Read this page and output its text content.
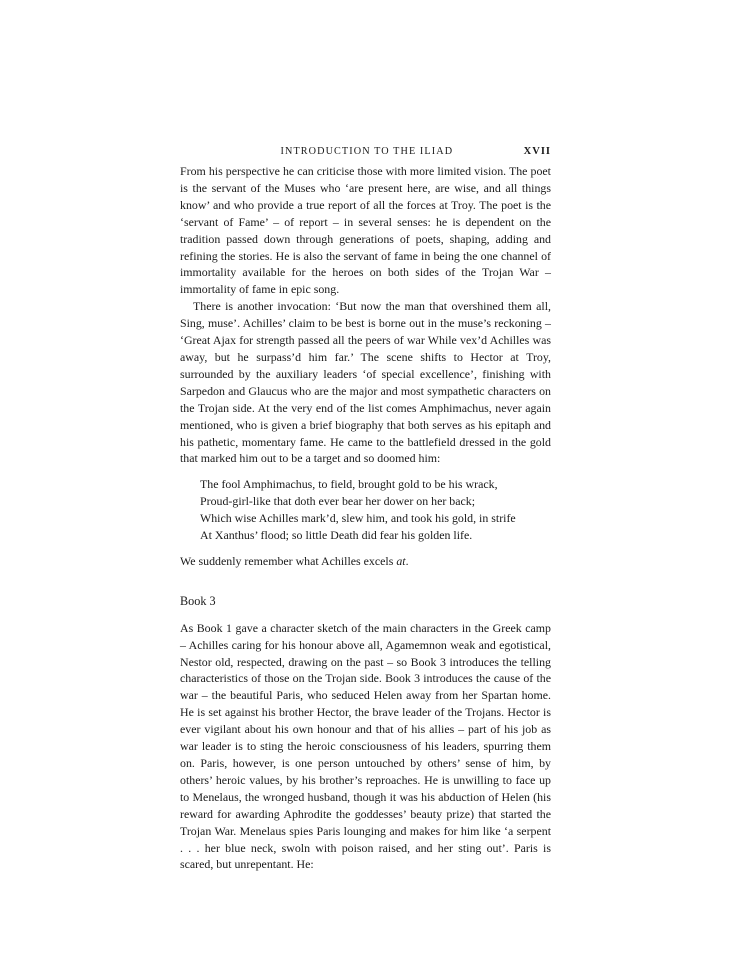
INTRODUCTION TO THE ILIAD	XVII

From his perspective he can criticise those with more limited vision. The poet is the servant of the Muses who ‘are present here, are wise, and all things know’ and who provide a true report of all the forces at Troy. The poet is the ‘servant of Fame’ – of report – in several senses: he is dependent on the tradition passed down through generations of poets, shaping, adding and refining the stories. He is also the servant of fame in being the one channel of immortality available for the heroes on both sides of the Trojan War – immortality of fame in epic song.

There is another invocation: ‘But now the man that overshined them all, Sing, muse’. Achilles’ claim to be best is borne out in the muse’s reckoning – ‘Great Ajax for strength passed all the peers of war While vex’d Achilles was away, but he surpass’d him far.’ The scene shifts to Hector at Troy, surrounded by the auxiliary leaders ‘of special excellence’, finishing with Sarpedon and Glaucus who are the major and most sympathetic characters on the Trojan side. At the very end of the list comes Amphimachus, never again mentioned, who is given a brief biography that both serves as his epitaph and his pathetic, momentary fame. He came to the battlefield dressed in the gold that marked him out to be a target and so doomed him:

The fool Amphimachus, to field, brought gold to be his wrack,
Proud-girl-like that doth ever bear her dower on her back;
Which wise Achilles mark’d, slew him, and took his gold, in strife
At Xanthus’ flood; so little Death did fear his golden life.

We suddenly remember what Achilles excels at.

Book 3

As Book 1 gave a character sketch of the main characters in the Greek camp – Achilles caring for his honour above all, Agamemnon weak and egotistical, Nestor old, respected, drawing on the past – so Book 3 introduces the telling characteristics of those on the Trojan side. Book 3 introduces the cause of the war – the beautiful Paris, who seduced Helen away from her Spartan home. He is set against his brother Hector, the brave leader of the Trojans. Hector is ever vigilant about his own honour and that of his allies – part of his job as war leader is to sting the heroic consciousness of his leaders, spurring them on. Paris, however, is one person untouched by others’ sense of him, by others’ heroic values, by his brother’s reproaches. He is unwilling to face up to Menelaus, the wronged husband, though it was his abduction of Helen (his reward for awarding Aphrodite the goddesses’ beauty prize) that started the Trojan War. Menelaus spies Paris lounging and makes for him like ‘a serpent . . . her blue neck, swoln with poison raised, and her sting out’. Paris is scared, but unrepentant. He:
